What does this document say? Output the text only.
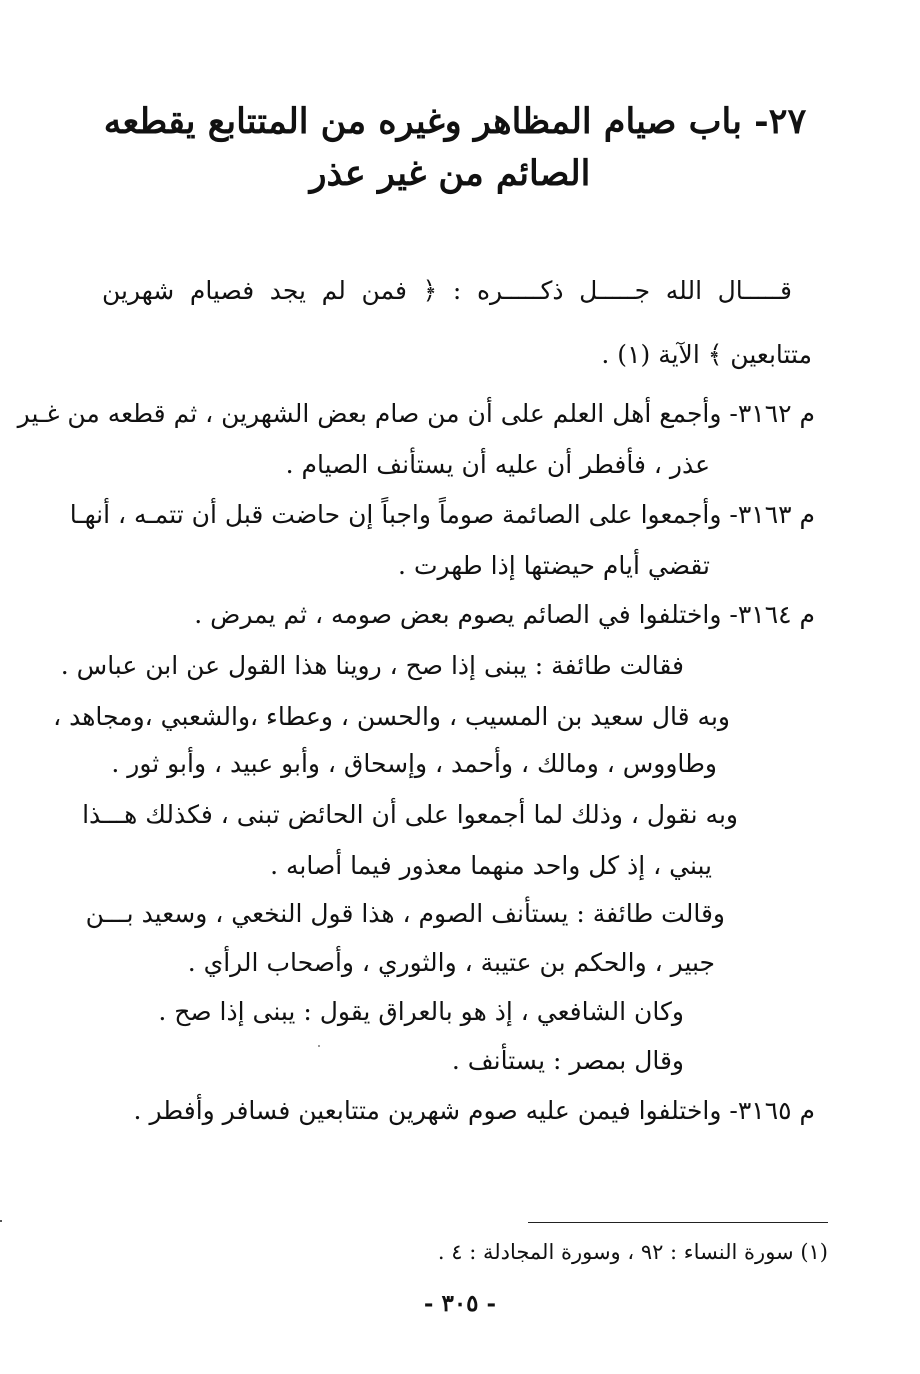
٢٧- باب صيام المظاهر وغيره من المتتابع يقطعه
الصائم من غير عذر

قـــــال الله جـــــل ذكـــــره : ﴿ فمن لم يجد فصيام شهرين

متتابعين ﴾ الآية (١) .

م ٣١٦٢- وأجمع أهل العلم على أن من صام بعض الشهرين ، ثم قطعه من غـير

عذر ، فأفطر أن عليه أن يستأنف الصيام .

م ٣١٦٣- وأجمعوا على الصائمة صوماً واجباً إن حاضت قبل أن تتمـه ، أنهـا

تقضي أيام حيضتها إذا طهرت .

م ٣١٦٤- واختلفوا في الصائم يصوم بعض صومه ، ثم يمرض .

فقالت طائفة : يبنى إذا صح ، روينا هذا القول عن ابن عباس .

وبه قال سعيد بن المسيب ، والحسن ، وعطاء ،والشعبي ،ومجاهد ،

وطاووس ، ومالك ، وأحمد ، وإسحاق ، وأبو عبيد ، وأبو ثور .

وبه نقول ، وذلك لما أجمعوا على أن الحائض تبنى ، فكذلك هـــذا

يبني ، إذ كل واحد منهما معذور فيما أصابه .

وقالت طائفة : يستأنف الصوم ، هذا قول النخعي ، وسعيد بـــن

جبير ، والحكم بن عتيبة ، والثوري ، وأصحاب الرأي .

وكان الشافعي ، إذ هو بالعراق يقول : يبنى إذا صح .

وقال بمصر : يستأنف .

م ٣١٦٥- واختلفوا فيمن عليه صوم شهرين متتابعين فسافر وأفطر .

(١) سورة النساء : ٩٢ ، وسورة المجادلة : ٤ .
- ٣٠٥ -
